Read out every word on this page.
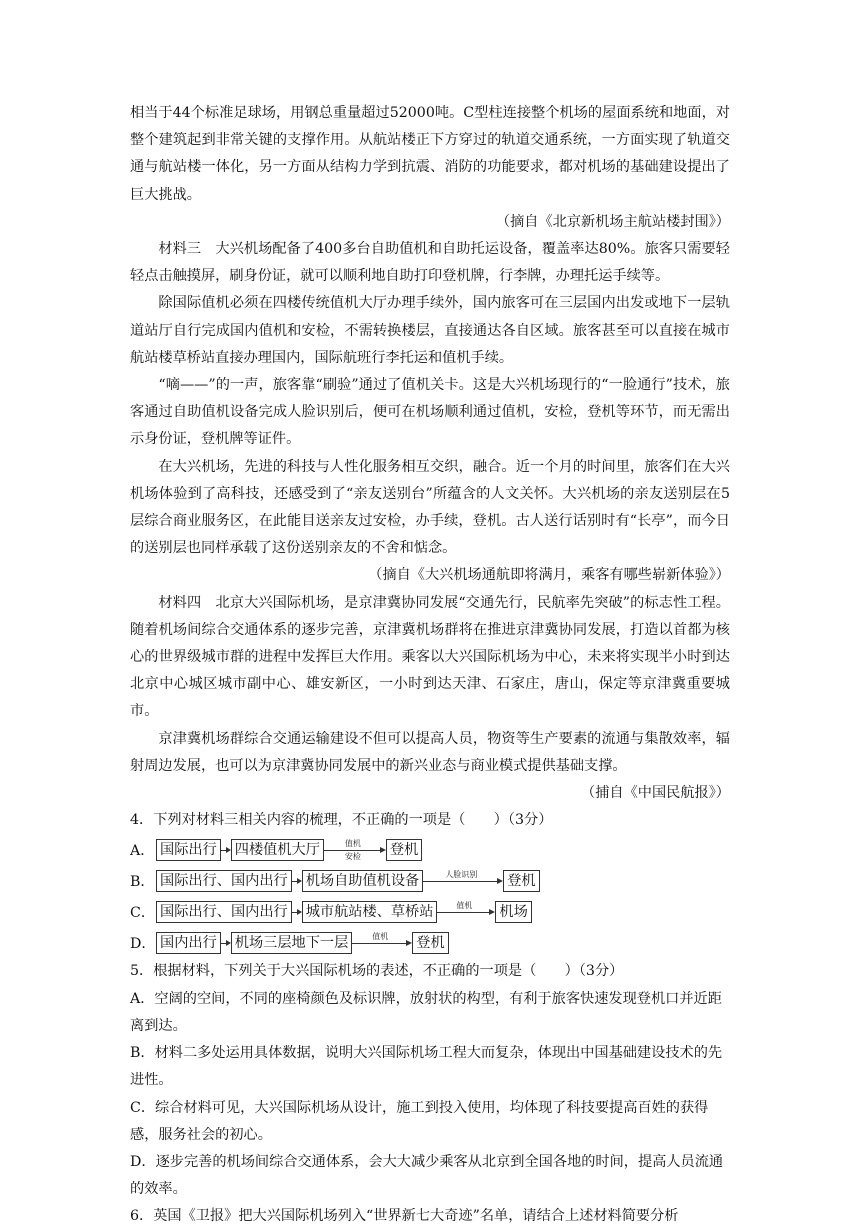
相当于44个标准足球场，用钢总重量超过52000吨。C型柱连接整个机场的屋面系统和地面，对整个建筑起到非常关键的支撑作用。从航站楼正下方穿过的轨道交通系统，一方面实现了轨道交通与航站楼一体化，另一方面从结构力学到抗震、消防的功能要求，都对机场的基础建设提出了巨大挑战。

（摘自《北京新机场主航站楼封围》）

材料三　大兴机场配备了400多台自助值机和自助托运设备，覆盖率达80%。旅客只需要轻轻点击触摸屏，刷身份证，就可以顺利地自助打印登机牌，行李牌，办理托运手续等。

除国际值机必须在四楼传统值机大厅办理手续外，国内旅客可在三层国内出发或地下一层轨道站厅自行完成国内值机和安检，不需转换楼层，直接通达各自区域。旅客甚至可以直接在城市航站楼草桥站直接办理国内，国际航班行李托运和值机手续。

“嘀——”的一声，旅客靠“刷验”通过了值机关卡。这是大兴机场现行的“一脸通行”技术，旅客通过自助值机设备完成人脸识别后，便可在机场顺利通过值机，安检，登机等环节，而无需出示身份证，登机牌等证件。

在大兴机场，先进的科技与人性化服务相互交织，融合。近一个月的时间里，旅客们在大兴机场体验到了高科技，还感受到了“亲友送别台”所蕴含的人文关怀。大兴机场的亲友送别层在5层综合商业服务区，在此能目送亲友过安检，办手续，登机。古人送行话别时有“长亭”，而今日的送别层也同样承载了这份送别亲友的不舍和惦念。

（摘自《大兴机场通航即将满月，乘客有哪些崭新体验》）

材料四　北京大兴国际机场，是京津冀协同发展“交通先行，民航率先突破”的标志性工程。随着机场间综合交通体系的逐步完善，京津冀机场群将在推进京津冀协同发展，打造以首都为核心的世界级城市群的进程中发挥巨大作用。乘客以大兴国际机场为中心，未来将实现半小时到达北京中心城区城市副中心、雄安新区，一小时到达天津、石家庄，唐山，保定等京津冀重要城市。

京津冀机场群综合交通运输建设不但可以提高人员，物资等生产要素的流通与集散效率，辐射周边发展，也可以为京津冀协同发展中的新兴业态与商业模式提供基础支撑。

（捕自《中国民航报》）

4．下列对材料三相关内容的梳理，不正确的一项是（　　）（3分）

A． 国际出行 四楼值机大厅	值机
安检	登机
B． 国际出行、国内出行 机场自助值机设备	人脸识别	登机
C． 国际出行、国内出行 城市航站楼、草桥站	值机	机场
D． 国内出行 机场三层地下一层	值机	登机

5．根据材料，下列关于大兴国际机场的表述，不正确的一项是（　　）（3分）

A．空阔的空间，不同的座椅颜色及标识牌，放射状的构型，有利于旅客快速发现登机口并近距离到达。

B．材料二多处运用具体数据，说明大兴国际机场工程大而复杂，体现出中国基础建设技术的先进性。

C．综合材料可见，大兴国际机场从设计，施工到投入使用，均体现了科技要提高百姓的获得感，服务社会的初心。

D．逐步完善的机场间综合交通体系，会大大减少乘客从北京到全国各地的时间，提高人员流通的效率。

6．英国《卫报》把大兴国际机场列入“世界新七大奇迹”名单，请结合上述材料简要分析
